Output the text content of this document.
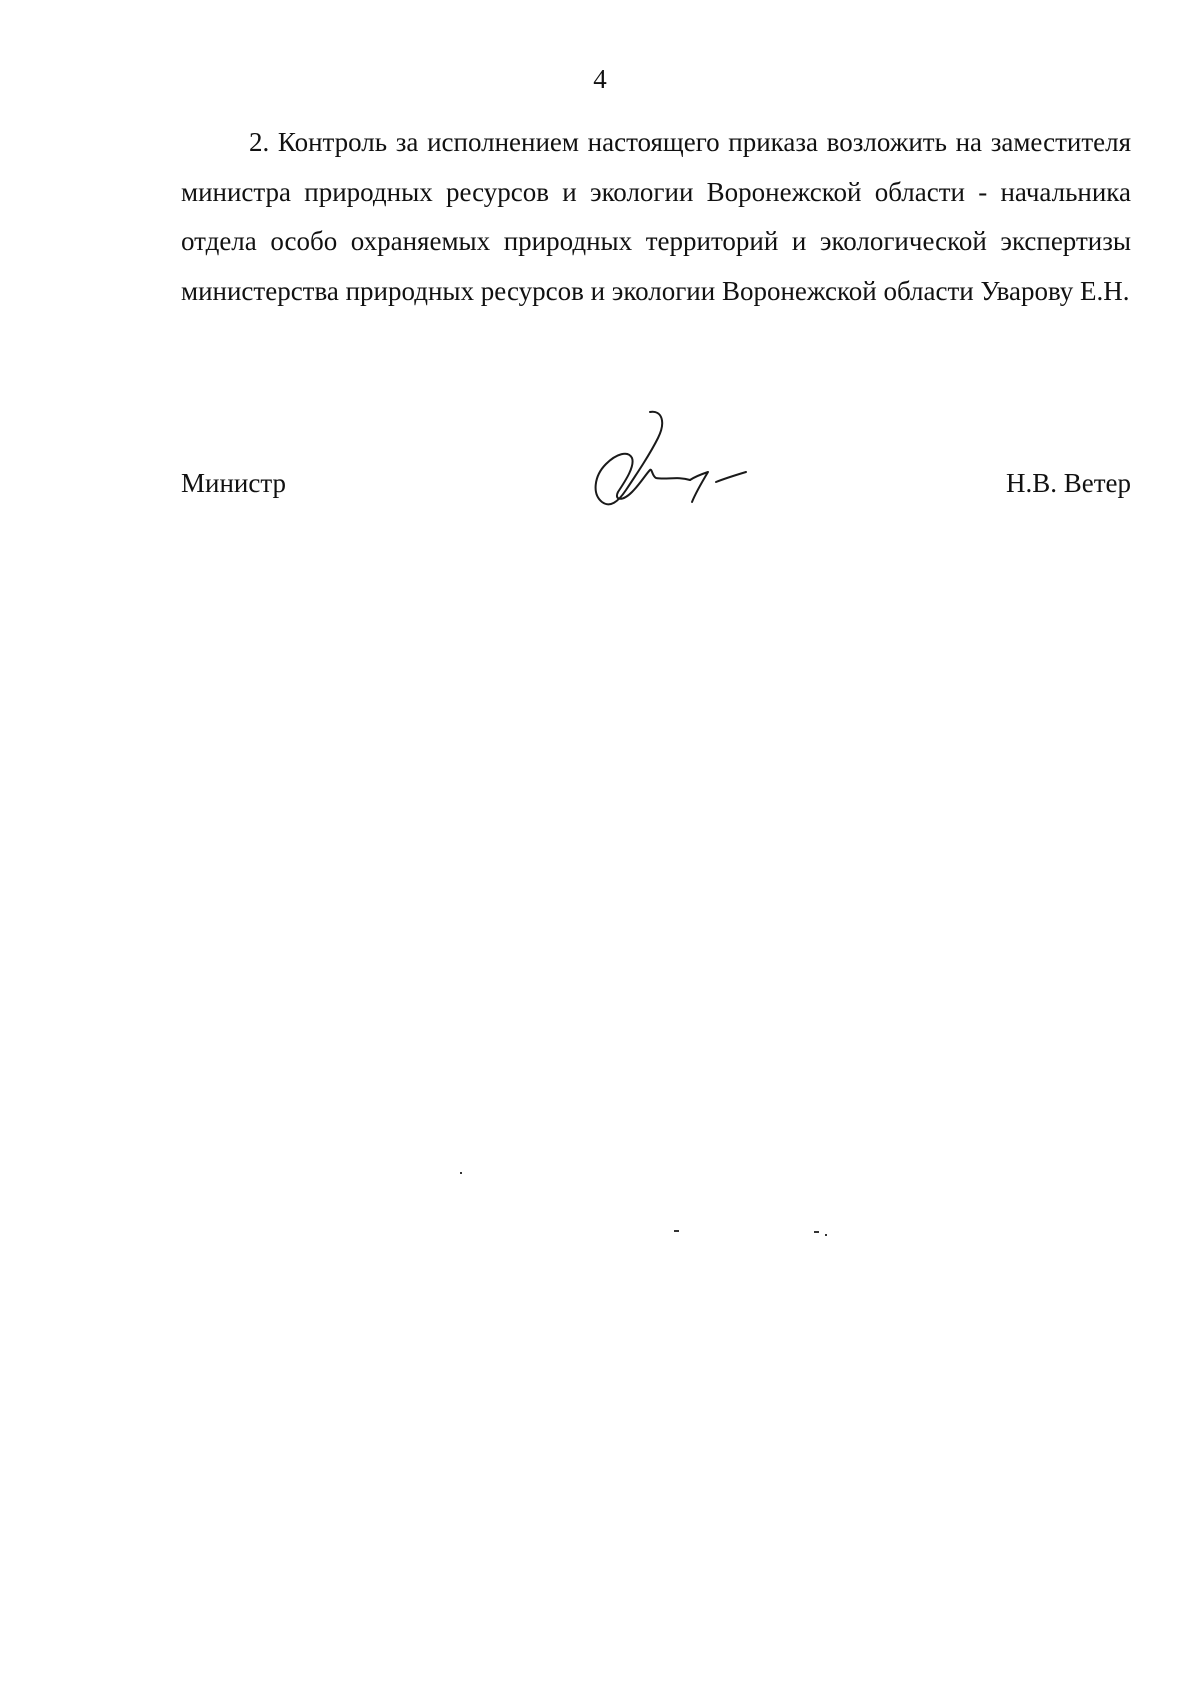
4

2. Контроль за исполнением настоящего приказа возложить на заместителя министра природных ресурсов и экологии Воронежской области - начальника отдела особо охраняемых природных территорий и экологической экспертизы министерства природных ресурсов и экологии Воронежской области Уварову Е.Н.

Министр	Н.В. Ветер
